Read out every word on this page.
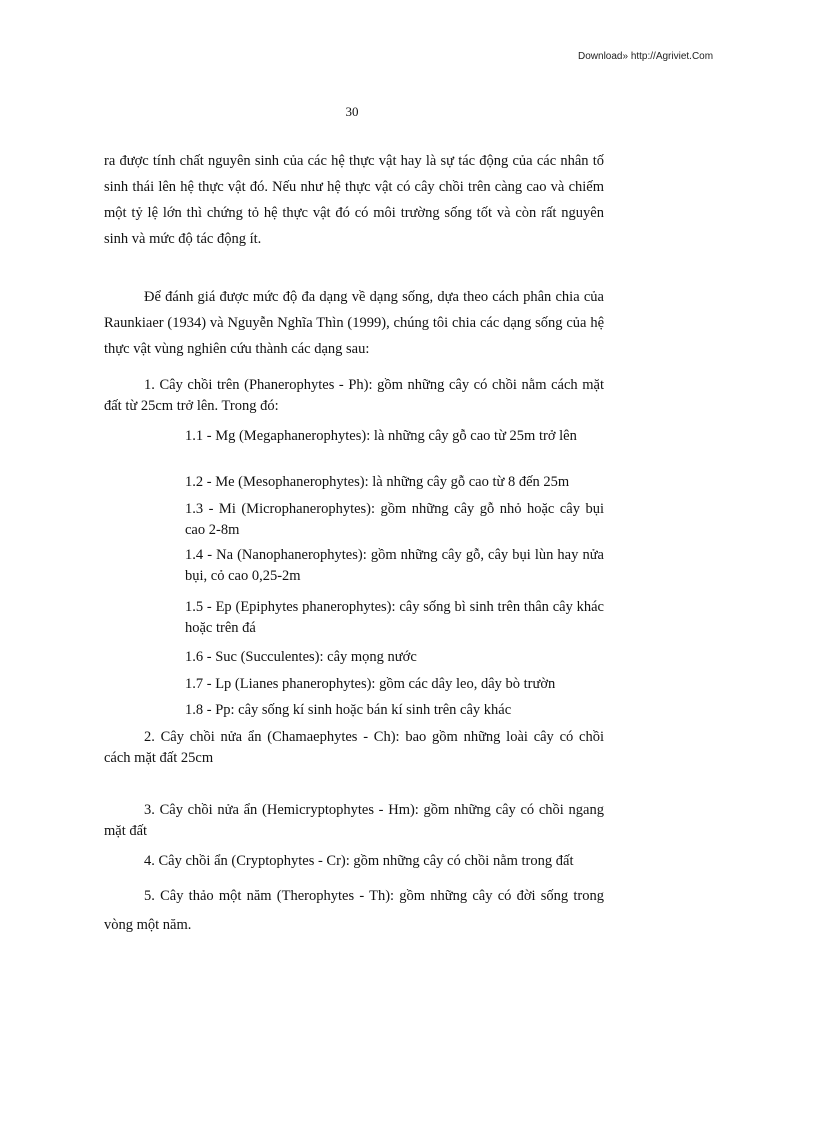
Download» http://Agriviet.Com
30

ra được tính chất nguyên sinh của các hệ thực vật hay là sự tác động của các nhân tố sinh thái lên hệ thực vật đó. Nếu như hệ thực vật có cây chồi trên càng cao và chiếm một tỷ lệ lớn thì chứng tỏ hệ thực vật đó có môi trường sống tốt và còn rất nguyên sinh và mức độ tác động ít.

Để đánh giá được mức độ đa dạng về dạng sống, dựa theo cách phân chia của Raunkiaer (1934) và Nguyễn Nghĩa Thìn (1999), chúng tôi chia các dạng sống của hệ thực vật vùng nghiên cứu thành các dạng sau:

1. Cây chồi trên (Phanerophytes - Ph): gồm những cây có chồi nằm cách mặt đất từ 25cm trở lên. Trong đó:

1.1 - Mg (Megaphanerophytes): là những cây gỗ cao từ 25m trở lên

1.2 - Me (Mesophanerophytes): là những cây gỗ cao từ 8 đến 25m

1.3 - Mi (Microphanerophytes): gồm những cây gỗ nhỏ hoặc cây bụi cao 2-8m

1.4 - Na (Nanophanerophytes): gồm những cây gỗ, cây bụi lùn hay nửa bụi, cỏ cao 0,25-2m

1.5 - Ep (Epiphytes phanerophytes): cây sống bì sinh trên thân cây khác hoặc trên đá

1.6 - Suc (Succulentes): cây mọng nước

1.7 - Lp (Lianes phanerophytes): gồm các dây leo, dây bò trườn

1.8 - Pp: cây sống kí sinh hoặc bán kí sinh trên cây khác

2. Cây chồi nửa ẩn (Chamaephytes - Ch): bao gồm những loài cây có chồi cách mặt đất 25cm

3. Cây chồi nửa ẩn (Hemicryptophytes - Hm): gồm những cây có chồi ngang mặt đất

4. Cây chồi ẩn (Cryptophytes - Cr): gồm những cây có chồi nằm trong đất

5. Cây thảo một năm (Therophytes - Th): gồm những cây có đời sống trong vòng một năm.
